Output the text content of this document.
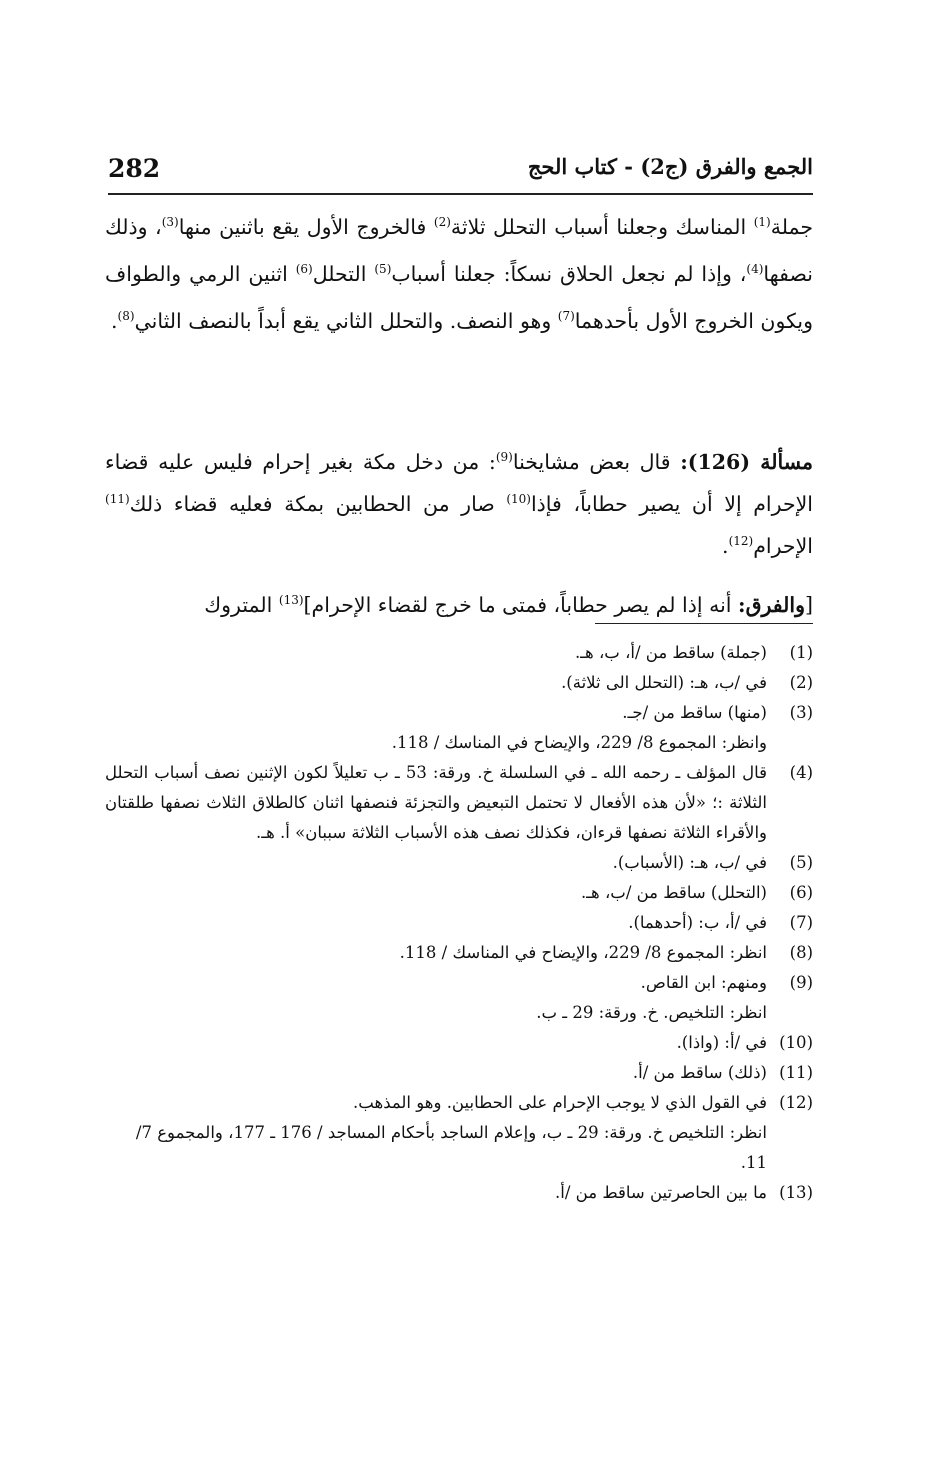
282	الجمع والفرق (ج2) - كتاب الحج

جملة$^{(1)}$ المناسك وجعلنا أسباب التحلل ثلاثة$^{(2)}$ فالخروج الأول يقع باثنين منها$^{(3)}$، وذلك نصفها$^{(4)}$، وإذا لم نجعل الحلاق نسكاً: جعلنا أسباب$^{(5)}$ التحلل$^{(6)}$ اثنين الرمي والطواف ويكون الخروج الأول بأحدهما$^{(7)}$ وهو النصف. والتحلل الثاني يقع أبداً بالنصف الثاني$^{(8)}$.

مسألة (126): قال بعض مشايخنا$^{(9)}$: من دخل مكة بغير إحرام فليس عليه قضاء الإحرام إلا أن يصير حطاباً، فإذا$^{(10)}$ صار من الحطابين بمكة فعليه قضاء ذلك$^{(11)}$ الإحرام$^{(12)}$.

[والفرق: أنه إذا لم يصر حطاباً، فمتى ما خرج لقضاء الإحرام]$^{(13)}$ المتروك

(1)
(جملة) ساقط من /أ، ب، هـ.
(2)
في /ب، هـ: (التحلل الى ثلاثة).
(3)
(منها) ساقط من /جـ.
وانظر: المجموع 8/ 229، والإيضاح في المناسك / 118.
(4)
قال المؤلف ـ رحمه الله ـ في السلسلة خ. ورقة: 53 ـ ب تعليلاً لكون الإثنين نصف أسباب التحلل الثلاثة :؛ «لأن هذه الأفعال لا تحتمل التبعيض والتجزئة فنصفها اثنان كالطلاق الثلاث نصفها طلقتان والأقراء الثلاثة نصفها قرءان، فكذلك نصف هذه الأسباب الثلاثة سببان» أ. هـ.
(5)
في /ب، هـ: (الأسباب).
(6)
(التحلل) ساقط من /ب، هـ.
(7)
في /أ، ب: (أحدهما).
(8)
انظر: المجموع 8/ 229، والإيضاح في المناسك / 118.
(9)
ومنهم: ابن القاص.
انظر: التلخيص. خ. ورقة: 29 ـ ب.
(10)
في /أ: (واذا).
(11)
(ذلك) ساقط من /أ.
(12)
في القول الذي لا يوجب الإحرام على الحطابين. وهو المذهب.
انظر: التلخيص خ. ورقة: 29 ـ ب، وإعلام الساجد بأحكام المساجد / 176 ـ 177، والمجموع 7/ 11.
(13)
ما بين الحاصرتين ساقط من /أ.
